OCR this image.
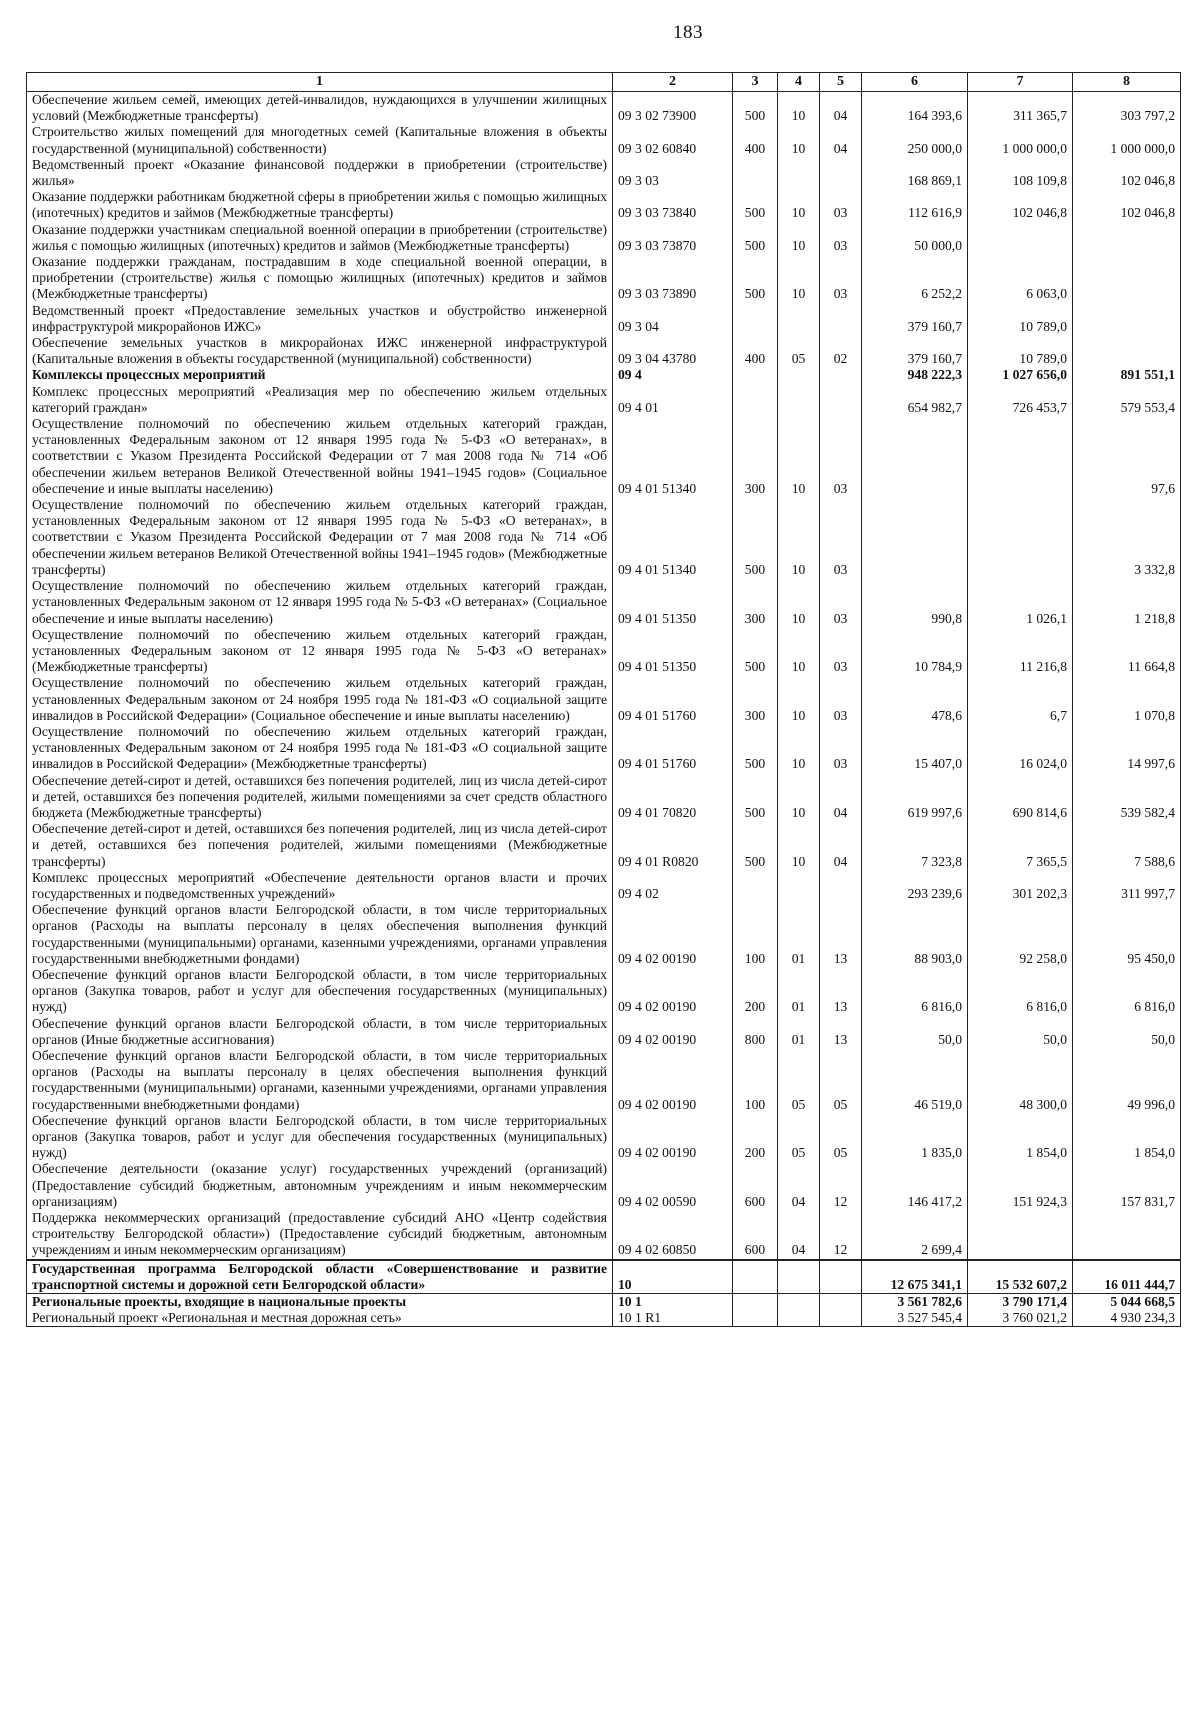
183
1	2	3	4	5	6	7	8
Обеспечение жильем семей, имеющих детей-инвалидов, нуждающихся в улучшении жилищных условий (Межбюджетные трансферты)	09 3 02 73900	500	10	04	164 393,6	311 365,7	303 797,2
Строительство жилых помещений для многодетных семей (Капитальные вложения в объекты государственной (муниципальной) собственности)	09 3 02 60840	400	10	04	250 000,0	1 000 000,0	1 000 000,0
Ведомственный проект «Оказание финансовой поддержки в приобретении (строительстве) жилья»	09 3 03				168 869,1	108 109,8	102 046,8
Оказание поддержки работникам бюджетной сферы в приобретении жилья с помощью жилищных (ипотечных) кредитов и займов (Межбюджетные трансферты)	09 3 03 73840	500	10	03	112 616,9	102 046,8	102 046,8
Оказание поддержки участникам специальной военной операции в приобретении (строительстве) жилья с помощью жилищных (ипотечных) кредитов и займов (Межбюджетные трансферты)	09 3 03 73870	500	10	03	50 000,0		
Оказание поддержки гражданам, пострадавшим в ходе специальной военной операции, в приобретении (строительстве) жилья с помощью жилищных (ипотечных) кредитов и займов (Межбюджетные трансферты)	09 3 03 73890	500	10	03	6 252,2	6 063,0	
Ведомственный проект «Предоставление земельных участков и обустройство инженерной инфраструктурой микрорайонов ИЖС»	09 3 04				379 160,7	10 789,0	
Обеспечение земельных участков в микрорайонах ИЖС инженерной инфраструктурой (Капитальные вложения в объекты государственной (муниципальной) собственности)	09 3 04 43780	400	05	02	379 160,7	10 789,0	
Комплексы процессных мероприятий	09 4				948 222,3	1 027 656,0	891 551,1
Комплекс процессных мероприятий «Реализация мер по обеспечению жильем отдельных категорий граждан»	09 4 01				654 982,7	726 453,7	579 553,4
Осуществление полномочий по обеспечению жильем отдельных категорий граждан, установленных Федеральным законом от 12 января 1995 года № 5-ФЗ «О ветеранах», в соответствии с Указом Президента Российской Федерации от 7 мая 2008 года № 714 «Об обеспечении жильем ветеранов Великой Отечественной войны 1941–1945 годов» (Социальное обеспечение и иные выплаты населению)	09 4 01 51340	300	10	03			97,6
Осуществление полномочий по обеспечению жильем отдельных категорий граждан, установленных Федеральным законом от 12 января 1995 года № 5-ФЗ «О ветеранах», в соответствии с Указом Президента Российской Федерации от 7 мая 2008 года № 714 «Об обеспечении жильем ветеранов Великой Отечественной войны 1941–1945 годов» (Межбюджетные трансферты)	09 4 01 51340	500	10	03			3 332,8
Осуществление полномочий по обеспечению жильем отдельных категорий граждан, установленных Федеральным законом от 12 января 1995 года № 5-ФЗ «О ветеранах» (Социальное обеспечение и иные выплаты населению)	09 4 01 51350	300	10	03	990,8	1 026,1	1 218,8
Осуществление полномочий по обеспечению жильем отдельных категорий граждан, установленных Федеральным законом от 12 января 1995 года № 5-ФЗ «О ветеранах» (Межбюджетные трансферты)	09 4 01 51350	500	10	03	10 784,9	11 216,8	11 664,8
Осуществление полномочий по обеспечению жильем отдельных категорий граждан, установленных Федеральным законом от 24 ноября 1995 года № 181-ФЗ «О социальной защите инвалидов в Российской Федерации» (Социальное обеспечение и иные выплаты населению)	09 4 01 51760	300	10	03	478,6	6,7	1 070,8
Осуществление полномочий по обеспечению жильем отдельных категорий граждан, установленных Федеральным законом от 24 ноября 1995 года № 181-ФЗ «О социальной защите инвалидов в Российской Федерации» (Межбюджетные трансферты)	09 4 01 51760	500	10	03	15 407,0	16 024,0	14 997,6
Обеспечение детей-сирот и детей, оставшихся без попечения родителей, лиц из числа детей-сирот и детей, оставшихся без попечения родителей, жилыми помещениями за счет средств областного бюджета (Межбюджетные трансферты)	09 4 01 70820	500	10	04	619 997,6	690 814,6	539 582,4
Обеспечение детей-сирот и детей, оставшихся без попечения родителей, лиц из числа детей-сирот и детей, оставшихся без попечения родителей, жилыми помещениями (Межбюджетные трансферты)	09 4 01 R0820	500	10	04	7 323,8	7 365,5	7 588,6
Комплекс процессных мероприятий «Обеспечение деятельности органов власти и прочих государственных и подведомственных учреждений»	09 4 02				293 239,6	301 202,3	311 997,7
Обеспечение функций органов власти Белгородской области, в том числе территориальных органов (Расходы на выплаты персоналу в целях обеспечения выполнения функций государственными (муниципальными) органами, казенными учреждениями, органами управления государственными внебюджетными фондами)	09 4 02 00190	100	01	13	88 903,0	92 258,0	95 450,0
Обеспечение функций органов власти Белгородской области, в том числе территориальных органов (Закупка товаров, работ и услуг для обеспечения государственных (муниципальных) нужд)	09 4 02 00190	200	01	13	6 816,0	6 816,0	6 816,0
Обеспечение функций органов власти Белгородской области, в том числе территориальных органов (Иные бюджетные ассигнования)	09 4 02 00190	800	01	13	50,0	50,0	50,0
Обеспечение функций органов власти Белгородской области, в том числе территориальных органов (Расходы на выплаты персоналу в целях обеспечения выполнения функций государственными (муниципальными) органами, казенными учреждениями, органами управления государственными внебюджетными фондами)	09 4 02 00190	100	05	05	46 519,0	48 300,0	49 996,0
Обеспечение функций органов власти Белгородской области, в том числе территориальных органов (Закупка товаров, работ и услуг для обеспечения государственных (муниципальных) нужд)	09 4 02 00190	200	05	05	1 835,0	1 854,0	1 854,0
Обеспечение деятельности (оказание услуг) государственных учреждений (организаций) (Предоставление субсидий бюджетным, автономным учреждениям и иным некоммерческим организациям)	09 4 02 00590	600	04	12	146 417,2	151 924,3	157 831,7
Поддержка некоммерческих организаций (предоставление субсидий АНО «Центр содействия строительству Белгородской области») (Предоставление субсидий бюджетным, автономным учреждениям и иным некоммерческим организациям)	09 4 02 60850	600	04	12	2 699,4		
Государственная программа Белгородской области «Совершенствование и развитие транспортной системы и дорожной сети Белгородской области»	10				12 675 341,1	15 532 607,2	16 011 444,7
Региональные проекты, входящие в национальные проекты	10 1				3 561 782,6	3 790 171,4	5 044 668,5
Региональный проект «Региональная и местная дорожная сеть»	10 1 R1				3 527 545,4	3 760 021,2	4 930 234,3
